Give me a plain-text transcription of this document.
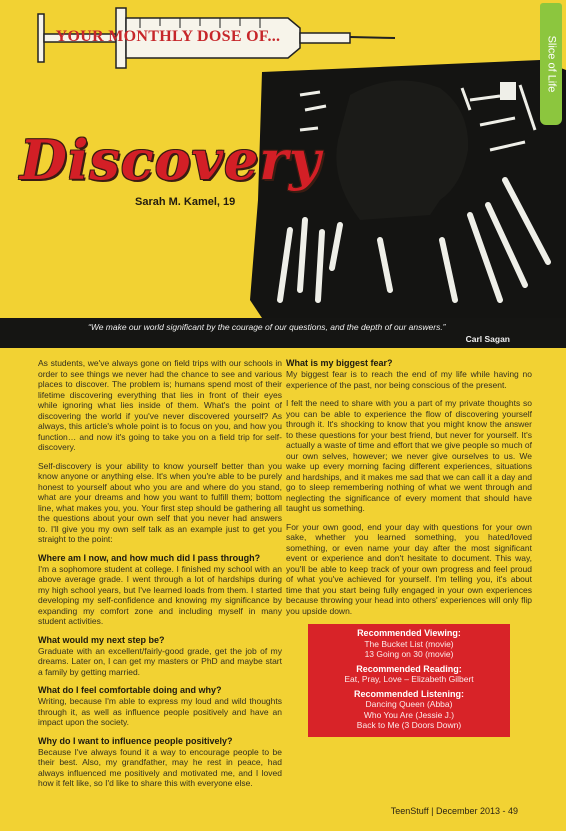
YOUR MONTHLY DOSE OF...	Slice of Life
Discovery
Sarah M. Kamel, 19
“We make our world significant by the courage of our questions, and the depth of our answers.”
Carl Sagan

As students, we've always gone on field trips with our schools in order to see things we never had the chance to see and various places to discover. The problem is; humans spend most of their lifetime discovering everything that lies in front of their eyes while ignoring what lies inside of them. What's the point of discovering the world if you've never discovered yourself? As always, this article's whole point is to focus on you, and how you function… and now it's going to take you on a field trip for self-discovery.

Self-discovery is your ability to know yourself better than you know anyone or anything else. It's when you're able to be purely honest to yourself about who you are and where do you stand, what are your dreams and how you want to fulfill them; bottom line, what makes you, you. Your first step should be gathering all the questions about your own self that you never had answers to. I'll give you my own self talk as an example just to get you straight to the point:

Where am I now, and how much did I pass through?

I'm a sophomore student at college. I finished my school with an above average grade. I went through a lot of hardships during my high school years, but I've learned loads from them. I started developing my self-confidence and knowing my significance by expanding my comfort zone and including myself in many student activities.

What would my next step be?

Graduate with an excellent/fairly-good grade, get the job of my dreams. Later on, I can get my masters or PhD and maybe start a family by getting married.

What do I feel comfortable doing and why?

Writing, because I'm able to express my loud and wild thoughts through it, as well as influence people positively and have an impact upon the society.

Why do I want to influence people positively?

Because I've always found it a way to encourage people to be their best. Also, my grandfather, may he rest in peace, had always influenced me positively and motivated me, and I loved how it felt like, so I'd like to share this with everyone else.

What is my biggest fear?

My biggest fear is to reach the end of my life while having no experience of the past, nor being conscious of the present.

I felt the need to share with you a part of my private thoughts so you can be able to experience the flow of discovering yourself through it. It's shocking to know that you might know the answer to these questions for your best friend, but never for yourself. It's actually a waste of time and effort that we give people so much of our own selves, however; we never give ourselves to us. We wake up every morning facing different experiences, situations and hardships, and it makes me sad that we can call it a day and go to sleep remembering nothing of what we went through and neglecting the significance of every moment that should have taught us something.

For your own good, end your day with questions for your own sake, whether you learned something, you hated/loved something, or even name your day after the most significant event or experience and don't hesitate to document. This way, you'll be able to keep track of your own progress and feel proud of what you've achieved for yourself. I'm telling you, it's about time that you start being fully engaged in your own experiences because throwing your head into others' experiences will only flip you upside down.

Recommended Viewing:
The Bucket List (movie)
13 Going on 30 (movie)
Recommended Reading:
Eat, Pray, Love – Elizabeth Gilbert
Recommended Listening:
Dancing Queen (Abba)
Who You Are (Jessie J.)
Back to Me (3 Doors Down)
TeenStuff | December 2013 - 49
